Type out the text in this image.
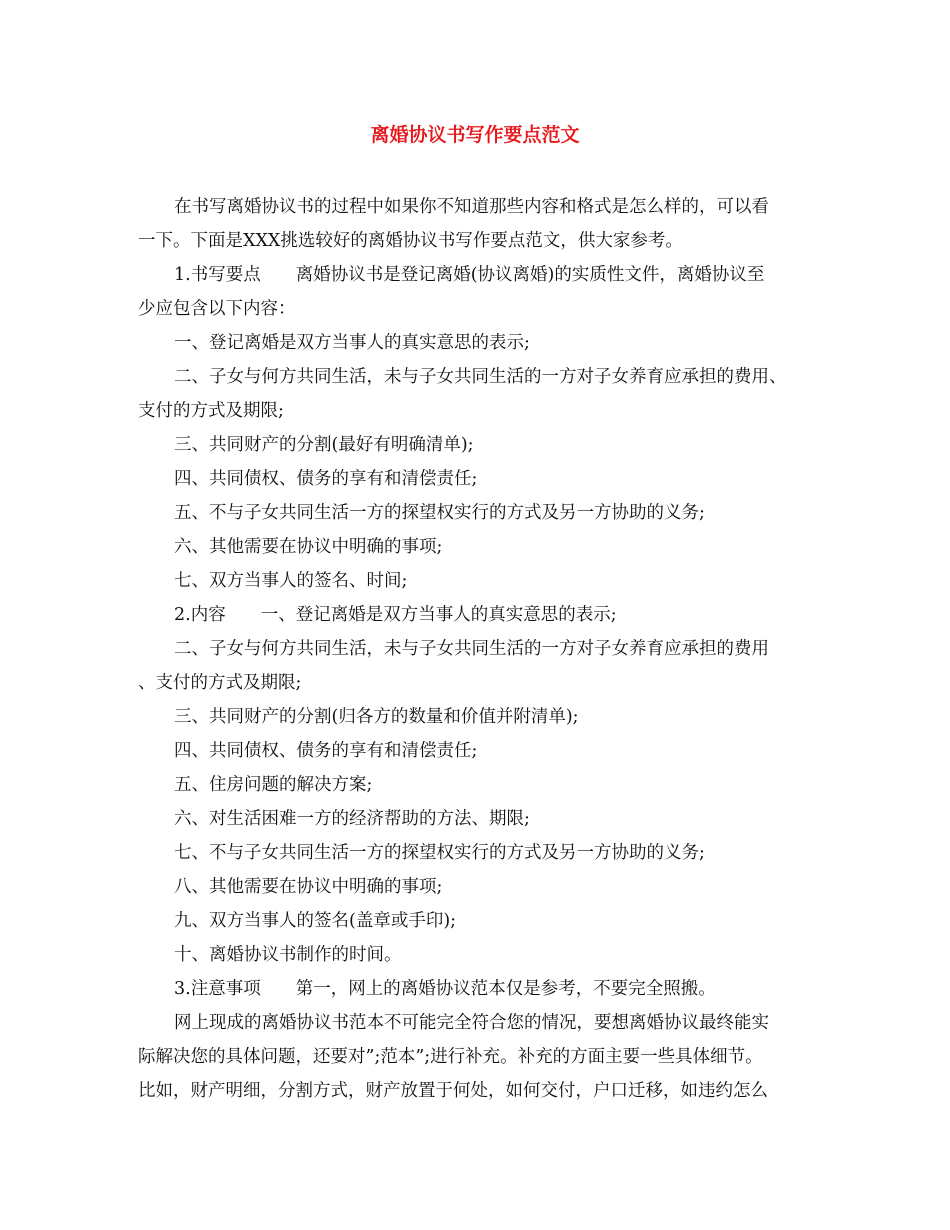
离婚协议书写作要点范文

在书写离婚协议书的过程中如果你不知道那些内容和格式是怎么样的，可以看

一下。下面是XXX挑选较好的离婚协议书写作要点范文，供大家参考。

1.书写要点　　离婚协议书是登记离婚(协议离婚)的实质性文件，离婚协议至

少应包含以下内容：

一、登记离婚是双方当事人的真实意思的表示;

二、子女与何方共同生活，未与子女共同生活的一方对子女养育应承担的费用、

支付的方式及期限;

三、共同财产的分割(最好有明确清单);

四、共同债权、债务的享有和清偿责任;

五、不与子女共同生活一方的探望权实行的方式及另一方协助的义务;

六、其他需要在协议中明确的事项;

七、双方当事人的签名、时间;

2.内容　　一、登记离婚是双方当事人的真实意思的表示;

二、子女与何方共同生活，未与子女共同生活的一方对子女养育应承担的费用

、支付的方式及期限;

三、共同财产的分割(归各方的数量和价值并附清单);

四、共同债权、债务的享有和清偿责任;

五、住房问题的解决方案;

六、对生活困难一方的经济帮助的方法、期限;

七、不与子女共同生活一方的探望权实行的方式及另一方协助的义务;

八、其他需要在协议中明确的事项;

九、双方当事人的签名(盖章或手印);

十、离婚协议书制作的时间。

3.注意事项　　第一，网上的离婚协议范本仅是参考，不要完全照搬。

网上现成的离婚协议书范本不可能完全符合您的情况，要想离婚协议最终能实

际解决您的具体问题，还要对”;范本”;进行补充。补充的方面主要一些具体细节。

比如，财产明细，分割方式，财产放置于何处，如何交付，户口迁移，如违约怎么
